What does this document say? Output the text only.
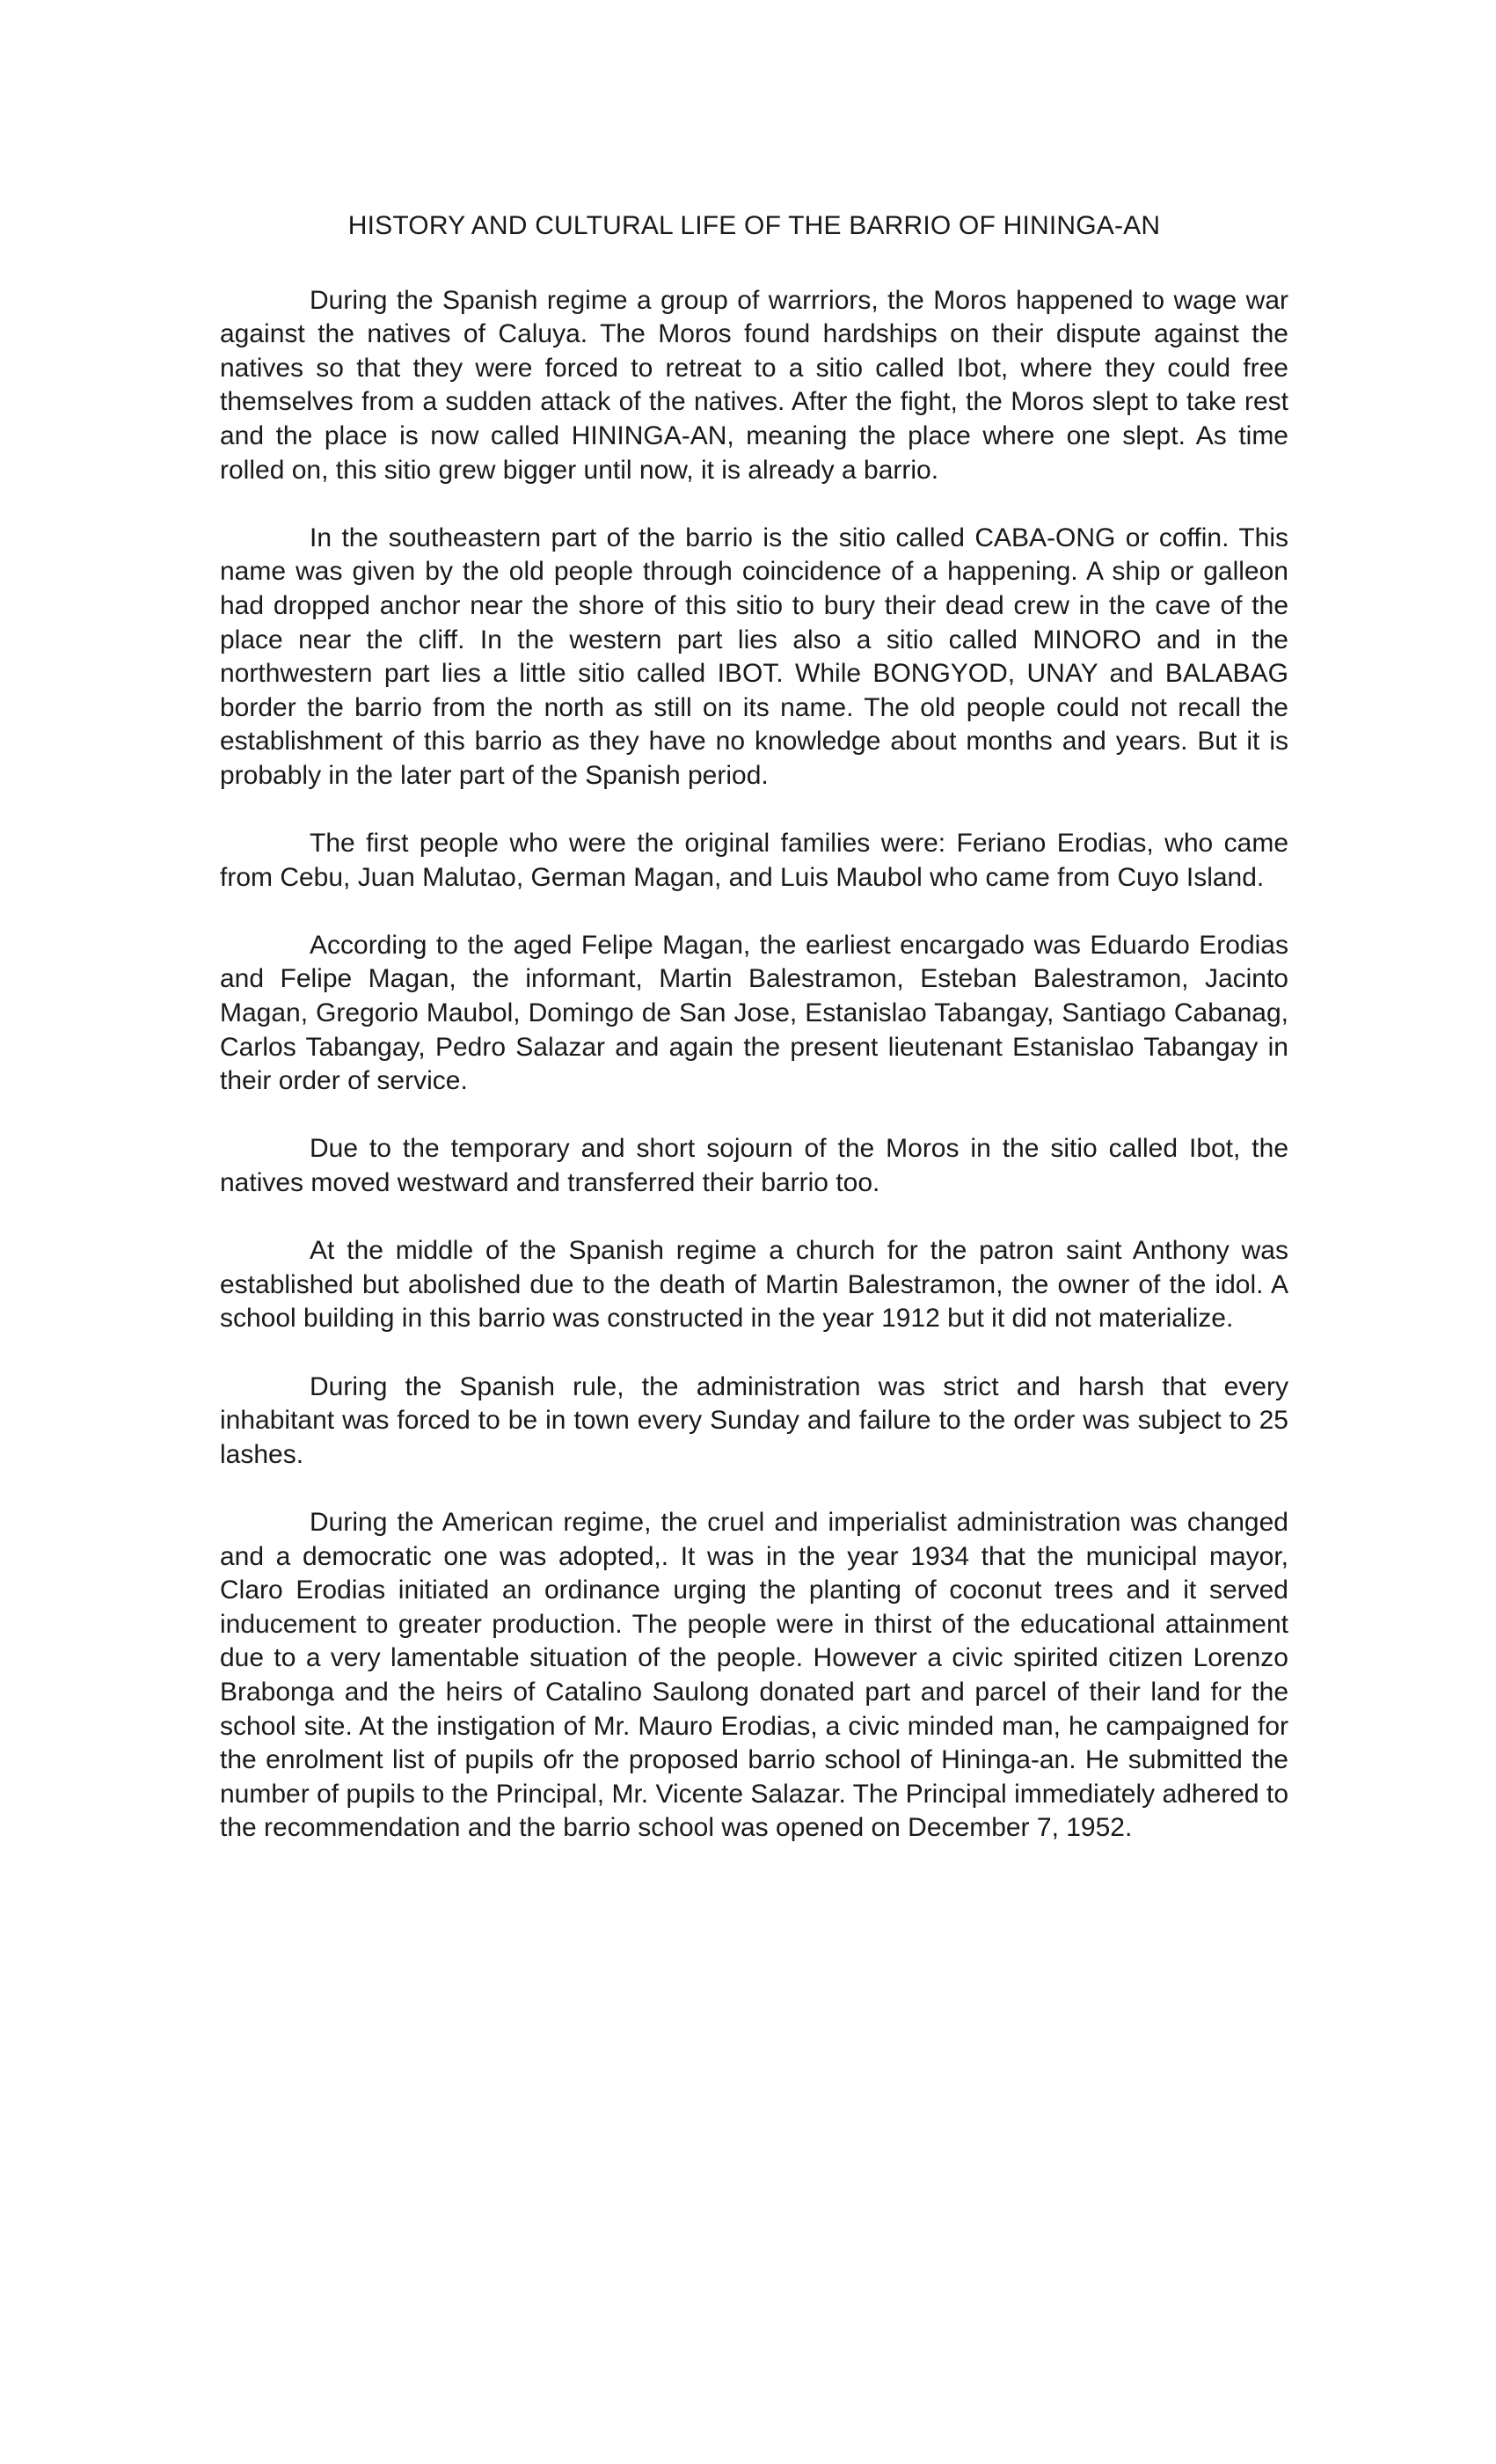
HISTORY AND CULTURAL LIFE OF THE BARRIO OF HININGA-AN

During the Spanish regime a group of warrriors, the Moros happened to wage war against the natives of Caluya. The Moros found hardships on their dispute against the natives so that they were forced to retreat to a sitio called Ibot, where they could free themselves from a sudden attack of the natives. After the fight, the Moros slept to take rest and the place is now called HININGA-AN, meaning the place where one slept. As time rolled on, this sitio grew bigger until now, it is already a barrio.

In the southeastern part of the barrio is the sitio called CABA-ONG or coffin. This name was given by the old people through coincidence of a happening. A ship or galleon had dropped anchor near the shore of this sitio to bury their dead crew in the cave of the place near the cliff. In the western part lies also a sitio called MINORO and in the northwestern part lies a little sitio called IBOT. While BONGYOD, UNAY and BALABAG border the barrio from the north as still on its name. The old people could not recall the establishment of this barrio as they have no knowledge about months and years. But it is probably in the later part of the Spanish period.

The first people who were the original families were: Feriano Erodias, who came from Cebu, Juan Malutao, German Magan, and Luis Maubol who came from Cuyo Island.

According to the aged Felipe Magan, the earliest encargado was Eduardo Erodias and Felipe Magan, the informant, Martin Balestramon, Esteban Balestramon, Jacinto Magan, Gregorio Maubol, Domingo de San Jose, Estanislao Tabangay, Santiago Cabanag, Carlos Tabangay, Pedro Salazar and again the present lieutenant Estanislao Tabangay in their order of service.

Due to the temporary and short sojourn of the Moros in the sitio called Ibot, the natives moved westward and transferred their barrio too.

At the middle of the Spanish regime a church for the patron saint Anthony was established but abolished due to the death of Martin Balestramon, the owner of the idol. A school building in this barrio was constructed in the year 1912 but it did not materialize.

During the Spanish rule, the administration was strict and harsh that every inhabitant was forced to be in town every Sunday and failure to the order was subject to 25 lashes.

During the American regime, the cruel and imperialist administration was changed and a democratic one was adopted,. It was in the year 1934 that the municipal mayor, Claro Erodias initiated an ordinance urging the planting of coconut trees and it served inducement to greater production. The people were in thirst of the educational attainment due to a very lamentable situation of the people. However a civic spirited citizen Lorenzo Brabonga and the heirs of Catalino Saulong donated part and parcel of their land for the school site. At the instigation of Mr. Mauro Erodias, a civic minded man, he campaigned for the enrolment list of pupils ofr the proposed barrio school of Hininga-an. He submitted the number of pupils to the Principal, Mr. Vicente Salazar. The Principal immediately adhered to the recommendation and the barrio school was opened on December 7, 1952.
